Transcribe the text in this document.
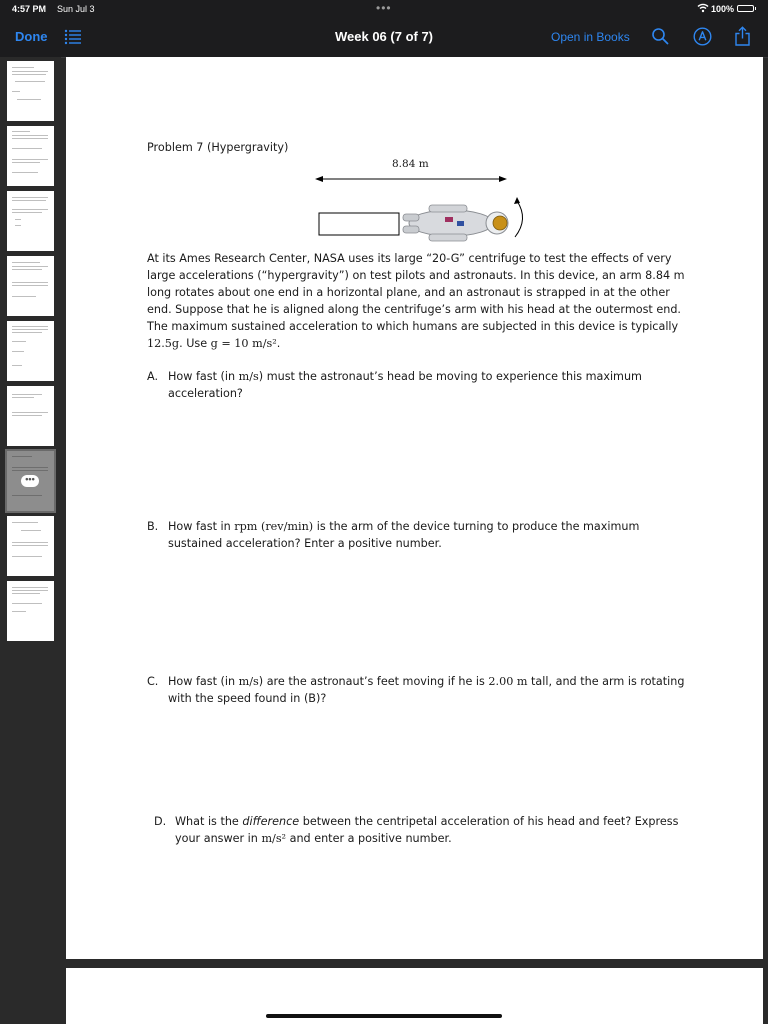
4:57 PM Sun Jul 3	•••	100%
Done	Week 06 (7 of 7)	Open in Books
•••
Problem 7 (Hypergravity)
8.84 m
At its Ames Research Center, NASA uses its large “20-G” centrifuge to test the effects of very large accelerations (“hypergravity”) on test pilots and astronauts. In this device, an arm 8.84 m long rotates about one end in a horizontal plane, and an astronaut is strapped in at the other end. Suppose that he is aligned along the centrifuge’s arm with his head at the outermost end. The maximum sustained acceleration to which humans are subjected in this device is typically 12.5g. Use g = 10 m/s².
A. How fast (in m/s) must the astronaut’s head be moving to experience this maximum acceleration?
B. How fast in rpm (rev/min) is the arm of the device turning to produce the maximum sustained acceleration? Enter a positive number.
C. How fast (in m/s) are the astronaut’s feet moving if he is 2.00 m tall, and the arm is rotating with the speed found in (B)?
D. What is the difference between the centripetal acceleration of his head and feet? Express your answer in m/s² and enter a positive number.
